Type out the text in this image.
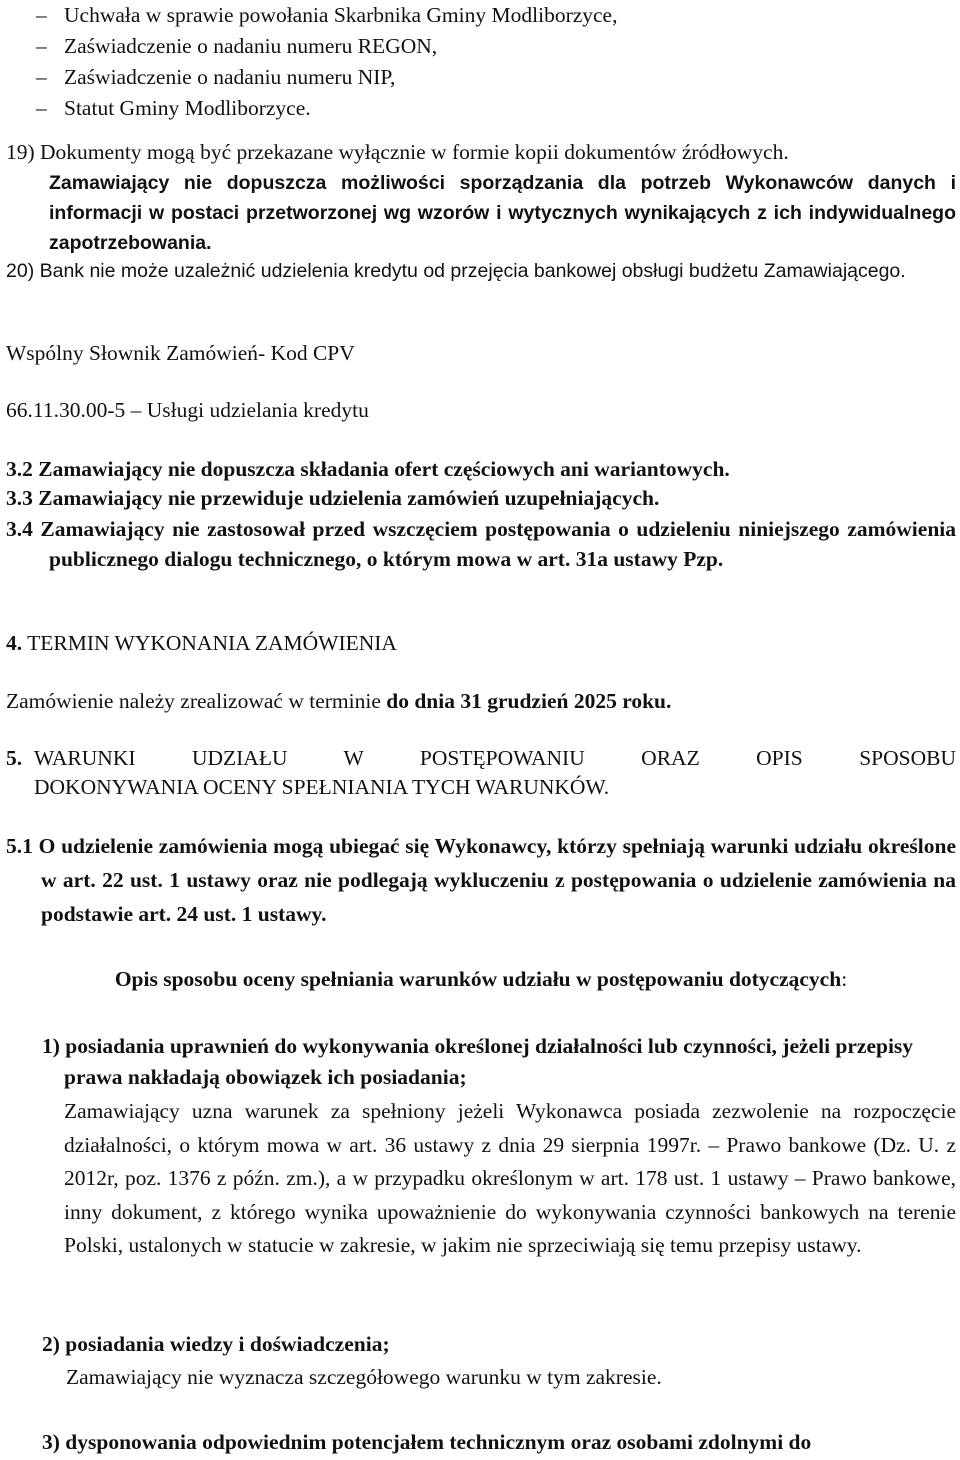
– Uchwała w sprawie powołania Skarbnika Gminy Modliborzyce,
– Zaświadczenie o nadaniu numeru REGON,
– Zaświadczenie o nadaniu numeru NIP,
– Statut Gminy Modliborzyce.

19) Dokumenty mogą być przekazane wyłącznie w formie kopii dokumentów źródłowych.

Zamawiający nie dopuszcza możliwości sporządzania dla potrzeb Wykonawców danych i informacji w postaci przetworzonej wg wzorów i wytycznych wynikających z ich indywidualnego zapotrzebowania.

20) Bank nie może uzależnić udzielenia kredytu od przejęcia bankowej obsługi budżetu Zamawiającego.

Wspólny Słownik Zamówień- Kod CPV

66.11.30.00-5 – Usługi udzielania kredytu

3.2 Zamawiający nie dopuszcza składania ofert częściowych ani wariantowych.

3.3 Zamawiający nie przewiduje udzielenia zamówień uzupełniających.

3.4 Zamawiający nie zastosował przed wszczęciem postępowania o udzieleniu niniejszego zamówienia publicznego dialogu technicznego, o którym mowa w art. 31a ustawy Pzp.

4. TERMIN WYKONANIA ZAMÓWIENIA
Zamówienie należy zrealizować w terminie do dnia 31 grudzień 2025 roku.
5. WARUNKI UDZIAŁU W POSTĘPOWANIU ORAZ OPIS SPOSOBU

DOKONYWANIA OCENY SPEŁNIANIA TYCH WARUNKÓW.

5.1 O udzielenie zamówienia mogą ubiegać się Wykonawcy, którzy spełniają warunki udziału określone w art. 22 ust. 1 ustawy oraz nie podlegają wykluczeniu z postępowania o udzielenie zamówienia na podstawie art. 24 ust. 1 ustawy.

Opis sposobu oceny spełniania warunków udziału w postępowaniu dotyczących:

1) posiadania uprawnień do wykonywania określonej działalności lub czynności, jeżeli przepisy prawa nakładają obowiązek ich posiadania;

Zamawiający uzna warunek za spełniony jeżeli Wykonawca posiada zezwolenie na rozpoczęcie działalności, o którym mowa w art. 36 ustawy z dnia 29 sierpnia 1997r. – Prawo bankowe (Dz. U. z 2012r, poz. 1376 z późn. zm.), a w przypadku określonym w art. 178 ust. 1 ustawy – Prawo bankowe, inny dokument, z którego wynika upoważnienie do wykonywania czynności bankowych na terenie Polski, ustalonych w statucie w zakresie, w jakim nie sprzeciwiają się temu przepisy ustawy.

2) posiadania wiedzy i doświadczenia;

Zamawiający nie wyznacza szczegółowego warunku w tym zakresie.

3) dysponowania odpowiednim potencjałem technicznym oraz osobami zdolnymi do
